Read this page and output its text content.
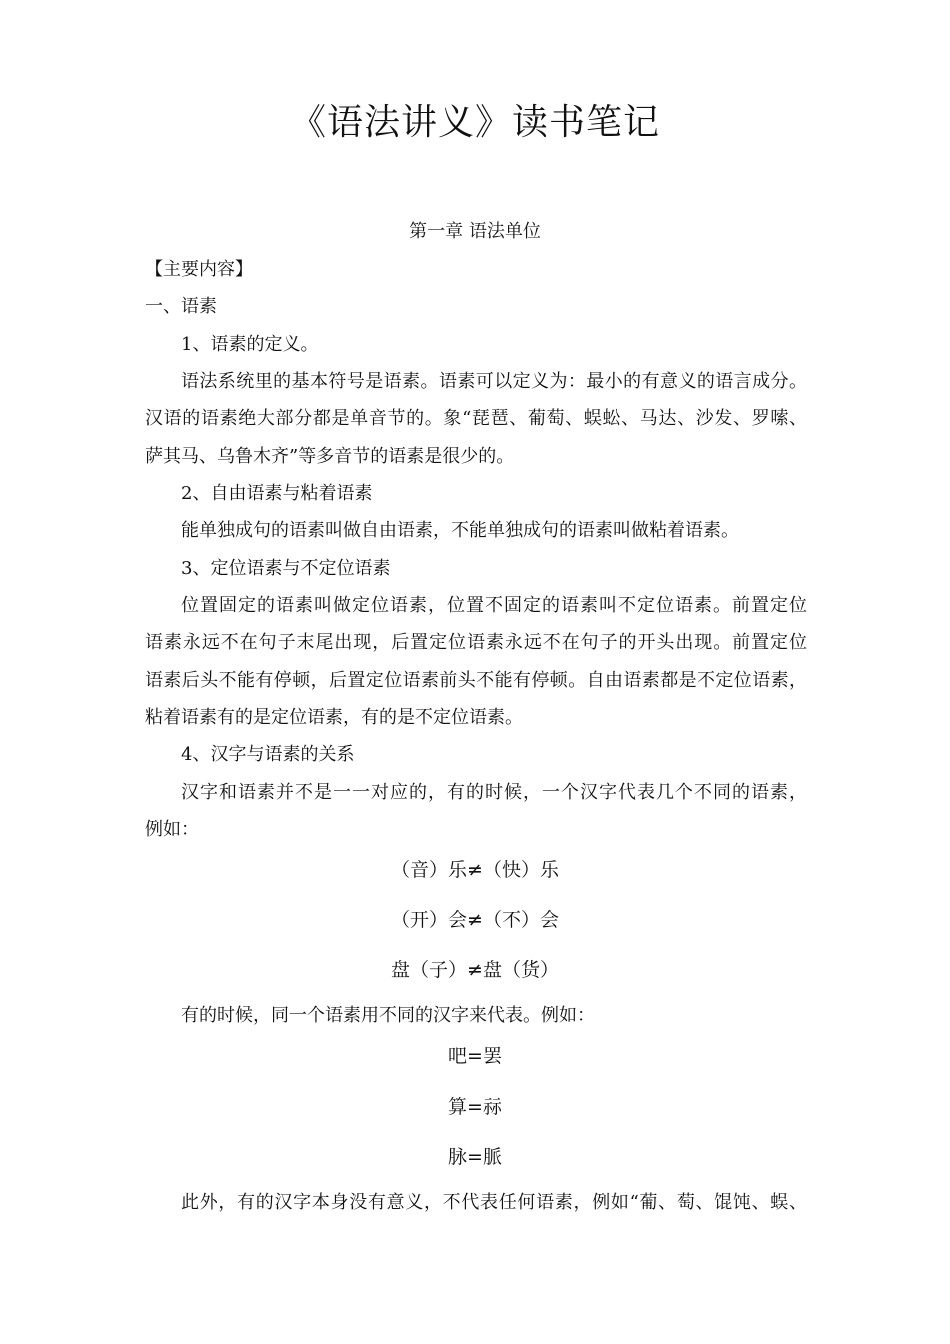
《语法讲义》读书笔记
第一章 语法单位
【主要内容】
一、语素
1、语素的定义。
语法系统里的基本符号是语素。语素可以定义为：最小的有意义的语言成分。
汉语的语素绝大部分都是单音节的。象“琵琶、葡萄、蜈蚣、马达、沙发、罗嗦、
萨其马、乌鲁木齐”等多音节的语素是很少的。
2、自由语素与粘着语素
能单独成句的语素叫做自由语素，不能单独成句的语素叫做粘着语素。
3、定位语素与不定位语素
位置固定的语素叫做定位语素，位置不固定的语素叫不定位语素。前置定位
语素永远不在句子末尾出现，后置定位语素永远不在句子的开头出现。前置定位
语素后头不能有停顿，后置定位语素前头不能有停顿。自由语素都是不定位语素，
粘着语素有的是定位语素，有的是不定位语素。
4、汉字与语素的关系
汉字和语素并不是一一对应的，有的时候，一个汉字代表几个不同的语素，
例如：
（音）乐≠（快）乐
（开）会≠（不）会
盘（子）≠盘（货）
有的时候，同一个语素用不同的汉字来代表。例如：
吧=罢
算=祘
脉=脈
此外，有的汉字本身没有意义，不代表任何语素，例如“葡、萄、馄饨、蜈、
